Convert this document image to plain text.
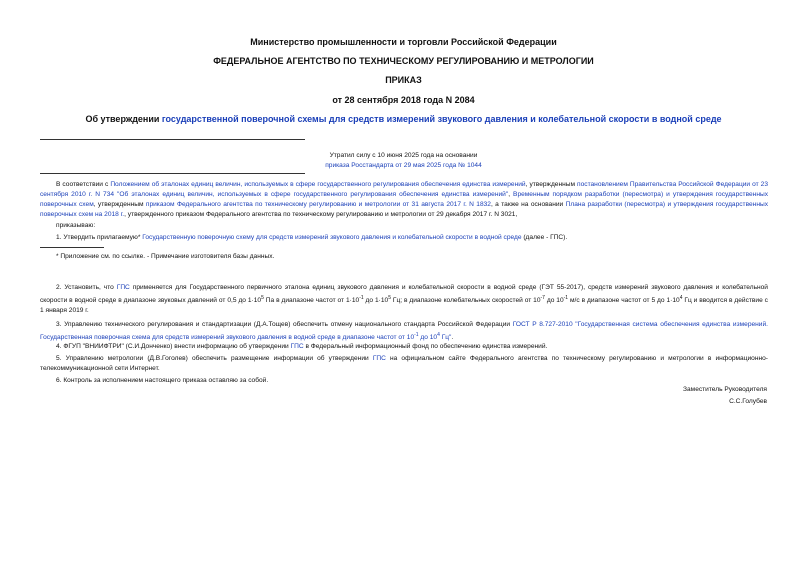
Министерство промышленности и торговли Российской Федерации
ФЕДЕРАЛЬНОЕ АГЕНТСТВО ПО ТЕХНИЧЕСКОМУ РЕГУЛИРОВАНИЮ И МЕТРОЛОГИИ
ПРИКАЗ
от 28 сентября 2018 года N 2084
Об утверждении государственной поверочной схемы для средств измерений звукового давления и колебательной скорости в водной среде
Утратил силу с 10 июня 2025 года на основании
приказа Росстандарта от 29 мая 2025 года № 1044
В соответствии с Положением об эталонах единиц величин, используемых в сфере государственного регулирования обеспечения единства измерений, утвержденным постановлением Правительства Российской Федерации от 23 сентября 2010 г. N 734 "Об эталонах единиц величин, используемых в сфере государственного регулирования обеспечения единства измерений", Временным порядком разработки (пересмотра) и утверждения государственных поверочных схем, утвержденным приказом Федерального агентства по техническому регулированию и метрологии от 31 августа 2017 г. N 1832, а также на основании Плана разработки (пересмотра) и утверждения государственных поверочных схем на 2018 г., утвержденного приказом Федерального агентства по техническому регулированию и метрологии от 29 декабря 2017 г. N 3021,
приказываю:
1. Утвердить прилагаемую* Государственную поверочную схему для средств измерений звукового давления и колебательной скорости в водной среде (далее - ГПС).
* Приложение см. по ссылке. - Примечание изготовителя базы данных.
2. Установить, что ГПС применяется для Государственного первичного эталона единиц звукового давления и колебательной скорости в водной среде (ГЭТ 55-2017), средств измерений звукового давления и колебательной скорости в водной среде в диапазоне звуковых давлений от 0,5 до $1\cdot 10^5$ Па в диапазоне частот от $1\cdot 10^{-1}$ до $1\cdot 10^5$ Гц; в диапазоне колебательных скоростей от $10^{-7}$ до $10^{-1}$ м/с в диапазоне частот от 5 до $1\cdot 10^4$ Гц и вводится в действие с 1 января 2019 г.
3. Управлению технического регулирования и стандартизации (Д.А.Тощев) обеспечить отмену национального стандарта Российской Федерации ГОСТ Р 8.727-2010 "Государственная система обеспечения единства измерений. Государственная поверочная схема для средств измерений звукового давления в водной среде в диапазоне частот от $10^{-1}$ до $10^4$ Гц".
4. ФГУП "ВНИИФТРИ" (С.И.Донченко) внести информацию об утверждении ГПС в Федеральный информационный фонд по обеспечению единства измерений.
5. Управлению метрологии (Д.В.Гоголев) обеспечить размещение информации об утверждении ГПС на официальном сайте Федерального агентства по техническому регулированию и метрологии в информационно-телекоммуникационной сети Интернет.
6. Контроль за исполнением настоящего приказа оставляю за собой.
Заместитель Руководителя
С.С.Голубев
